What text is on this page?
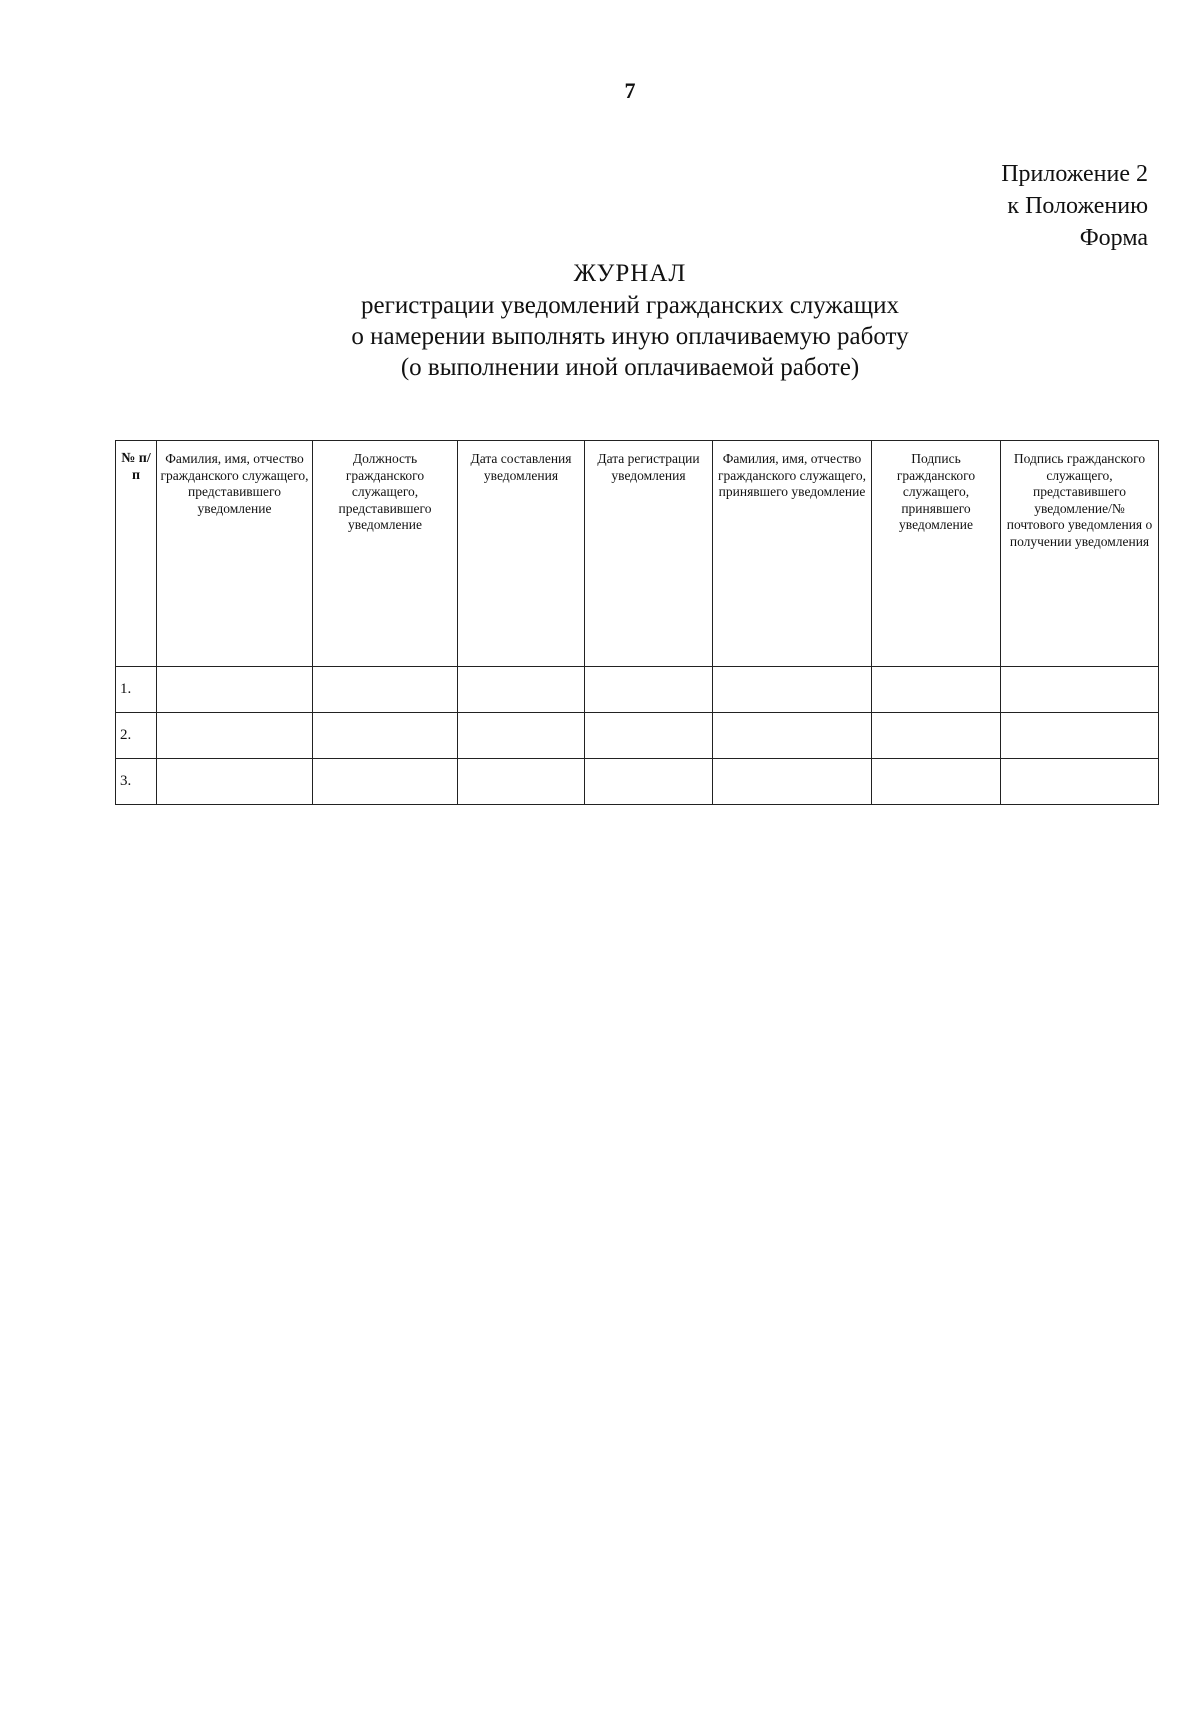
7
Приложение 2
к Положению
Форма
ЖУРНАЛ
регистрации уведомлений гражданских служащих
о намерении выполнять иную оплачиваемую работу
(о выполнении иной оплачиваемой работе)
№ п/п	Фамилия, имя, отчество гражданского служащего, представившего уведомление	Должность гражданского служащего, представившего уведомление	Дата составления уведомления	Дата регистрации уведомления	Фамилия, имя, отчество гражданского служащего, принявшего уведомление	Подпись гражданского служащего, принявшего уведомление	Подпись гражданского служащего, представившего уведомление/№ почтового уведомления о получении уведомления
1.							
2.							
3.							
